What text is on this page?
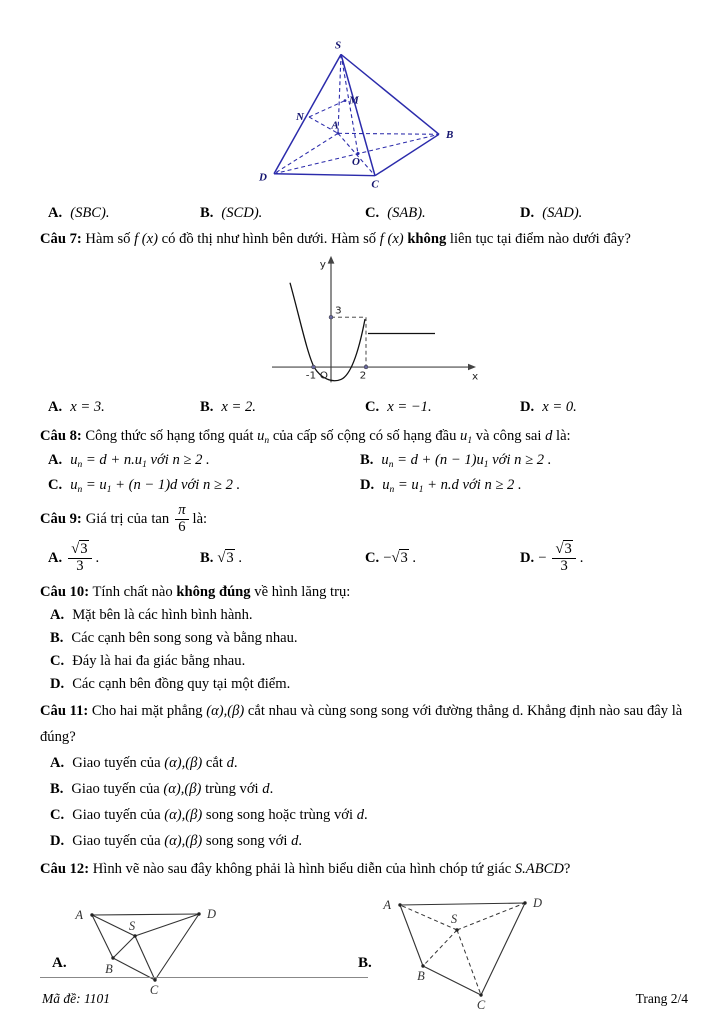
S
M
N
A
B
O
D
C
A. (SBC).	B. (SCD).	C. (SAB).	D. (SAD).
Câu 7: Hàm số f (x) có đồ thị như hình bên dưới. Hàm số f (x) không liên tục tại điểm nào dưới đây?
y
x
O
3
-1	2
A. x = 3.	B. x = 2.	C. x = −1.	D. x = 0.
Câu 8: Công thức số hạng tổng quát $u_n$ của cấp số cộng có số hạng đầu $u_1$ và công sai d là:
A. $u_n = d + n.u_1$ với n ≥ 2 .	B. $u_n = d + (n - 1)u_1$ với n ≥ 2 .
C. $u_n = u_1 + (n - 1)d$ với n ≥ 2 .	D. $u_n = u_1 + n.d$ với n ≥ 2 .
Câu 9: Giá trị của tan
π
6 là:
A.
√3
3 .	B. √3 .	C. −√3 .	D. − $\frac{√3}{3}$ .
Câu 10: Tính chất nào không đúng về hình lăng trụ:
A. Mặt bên là các hình bình hành.
B. Các cạnh bên song song và bằng nhau.
C. Đáy là hai đa giác bằng nhau.
D. Các cạnh bên đồng quy tại một điểm.
Câu 11: Cho hai mặt phẳng (α),(β) cắt nhau và cùng song song với đường thẳng d. Khẳng định nào sau đây là đúng?
A. Giao tuyến của (α),(β) cắt d.
B. Giao tuyến của (α),(β) trùng với d.
C. Giao tuyến của (α),(β) song song hoặc trùng với d.
D. Giao tuyến của (α),(β) song song với d.
Câu 12: Hình vẽ nào sau đây không phải là hình biểu diễn của hình chóp tứ giác S.ABCD?
A	D
S
B
C
A	D
S
B
C
A.	B.
Mã đề: 1101	Trang 2/4
